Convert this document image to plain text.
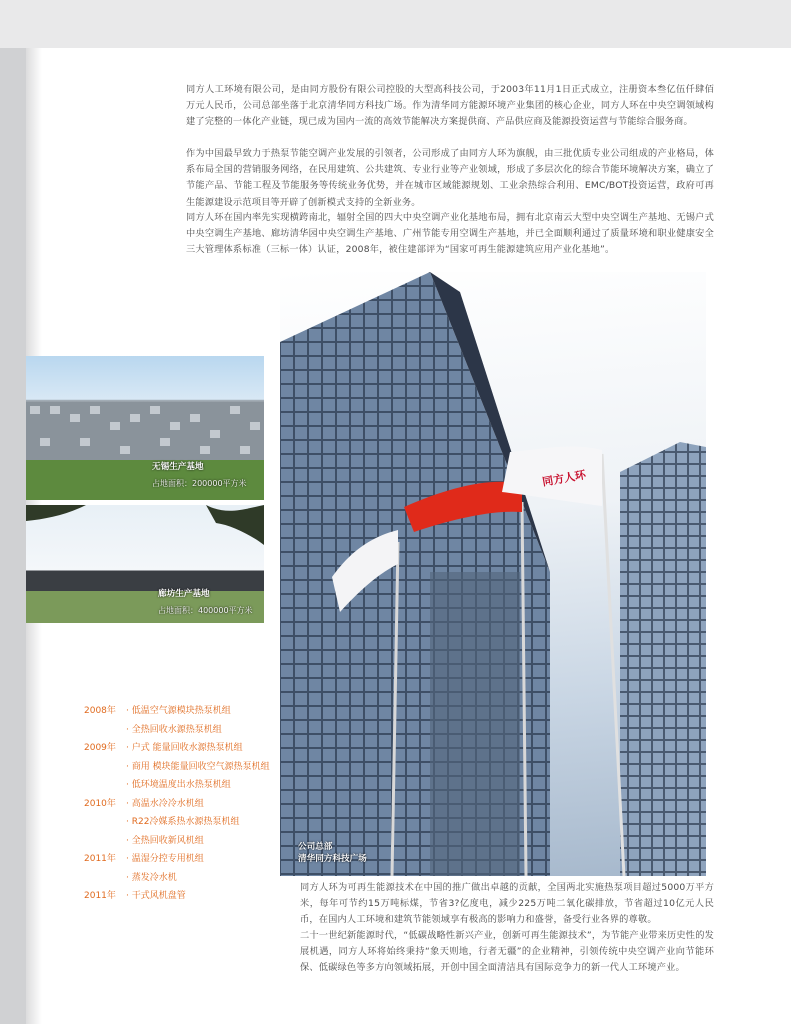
同方人工环境有限公司，是由同方股份有限公司控股的大型高科技公司，于2003年11月1日正式成立，注册资本叁亿伍仟肆佰万元人民币，公司总部坐落于北京清华同方科技广场。作为清华同方能源环境产业集团的核心企业，同方人环在中央空调领域构建了完整的一体化产业链，现已成为国内一流的高效节能解决方案提供商、产品供应商及能源投资运营与节能综合服务商。

作为中国最早致力于热泵节能空调产业发展的引领者，公司形成了由同方人环为旗舰，由三批优质专业公司组成的产业格局，体系布局全国的营销服务网络，在民用建筑、公共建筑、专业行业等产业领域，形成了多层次化的综合节能环境解决方案，确立了节能产品、节能工程及节能服务等传统业务优势，并在城市区域能源规划、工业余热综合利用、EMC/BOT投资运营，政府可再生能源建设示范项目等开辟了创新模式支持的全新业务。

同方人环在国内率先实现横跨南北，辐射全国的四大中央空调产业化基地布局，拥有北京南云大型中央空调生产基地、无锡户式中央空调生产基地、廊坊清华园中央空调生产基地、广州节能专用空调生产基地，并已全面顺利通过了质量环境和职业健康安全三大管理体系标准（三标一体）认证，2008年，被住建部评为“国家可再生能源建筑应用产业化基地”。

无锡生产基地
占地面积：200000平方米
廊坊生产基地
占地面积：400000平方米
同方人环
公司总部
清华同方科技广场
2008年 · 低温空气源模块热泵机组
· 全热回收水源热泵机组
2009年 · 户式 能量回收水源热泵机组
· 商用 模块能量回收空气源热泵机组
· 低环境温度出水热泵机组
2010年 · 高温水冷冷水机组
· R22冷媒系热水源热泵机组
· 全热回收新风机组
2011年 · 温湿分控专用机组
· 蒸发冷水机
2011年 · 干式风机盘管

同方人环为可再生能源技术在中国的推广做出卓越的贡献，全国两北实施热泵项目超过5000万平方米，每年可节约15万吨标煤，节省3?亿度电，减少225万吨二氧化碳排放，节省超过10亿元人民币，在国内人工环境和建筑节能领域享有极高的影响力和盛誉，备受行业各界的尊敬。

二十一世纪新能源时代，“低碳战略性新兴产业，创新可再生能源技术”，为节能产业带来历史性的发展机遇，同方人环将始终秉持“象天则地，行者无疆”的企业精神，引领传统中央空调产业向节能环保、低碳绿色等多方向领域拓展，开创中国全面清洁具有国际竞争力的新一代人工环境产业。
